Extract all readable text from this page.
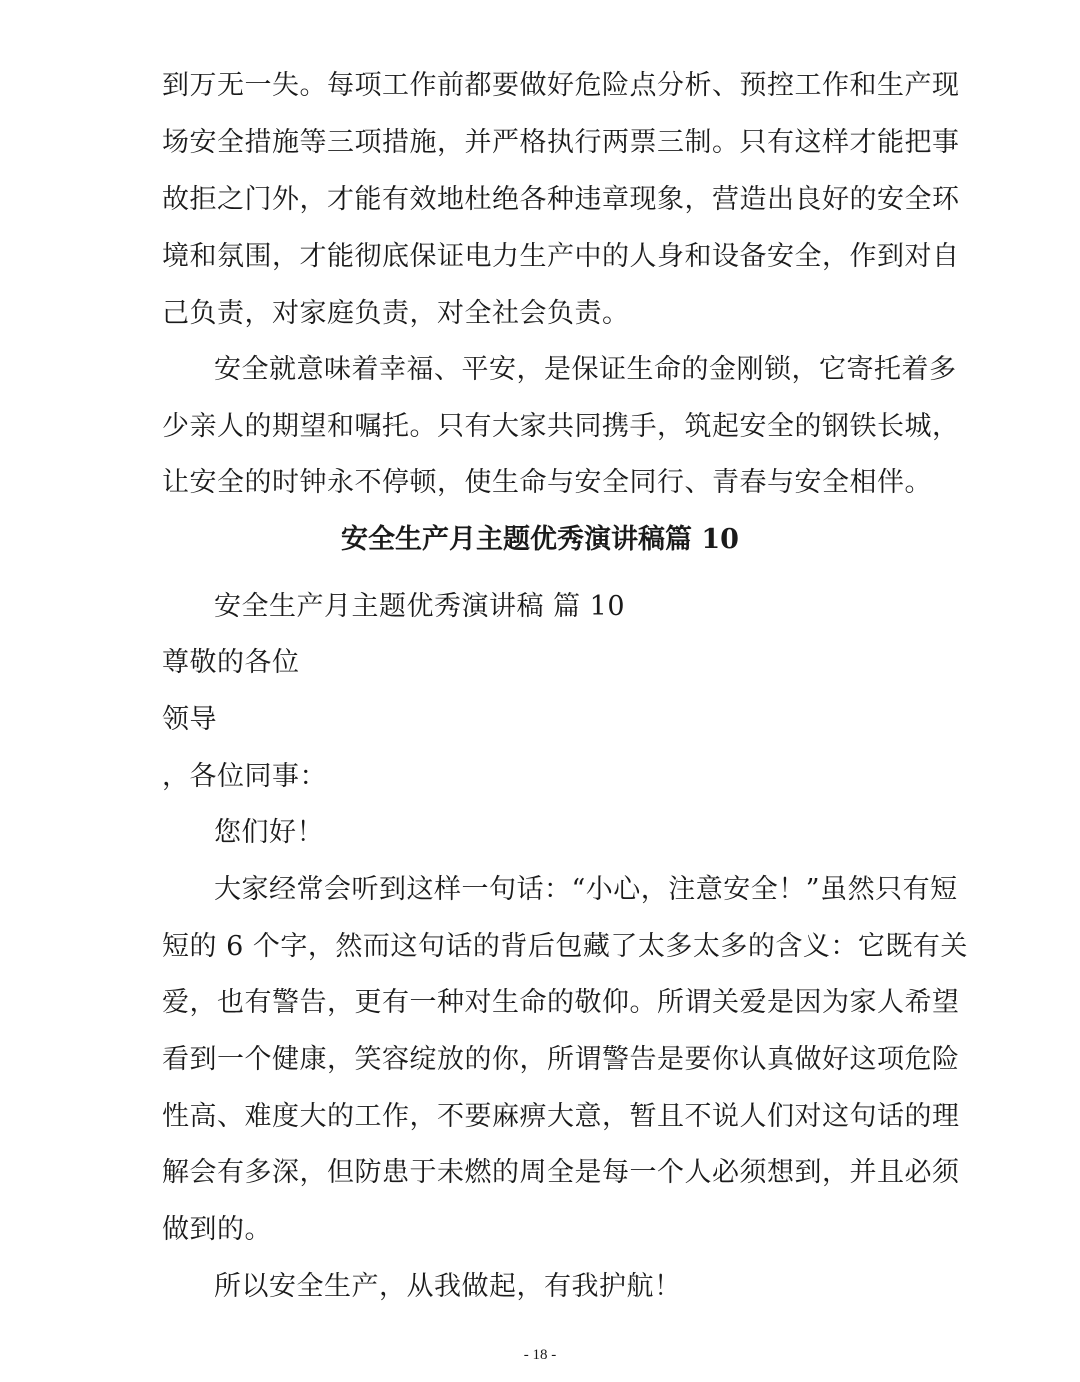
到万无一失。每项工作前都要做好危险点分析、预控工作和生产现
场安全措施等三项措施，并严格执行两票三制。只有这样才能把事
故拒之门外，才能有效地杜绝各种违章现象，营造出良好的安全环
境和氛围，才能彻底保证电力生产中的人身和设备安全，作到对自
己负责，对家庭负责，对全社会负责。
安全就意味着幸福、平安，是保证生命的金刚锁，它寄托着多
少亲人的期望和嘱托。只有大家共同携手，筑起安全的钢铁长城，
让安全的时钟永不停顿，使生命与安全同行、青春与安全相伴。
安全生产月主题优秀演讲稿篇 10
安全生产月主题优秀演讲稿 篇 10
尊敬的各位
领导
，各位同事：
您们好！
大家经常会听到这样一句话：“小心，注意安全！”虽然只有短
短的 6 个字，然而这句话的背后包藏了太多太多的含义：它既有关
爱，也有警告，更有一种对生命的敬仰。所谓关爱是因为家人希望
看到一个健康，笑容绽放的你，所谓警告是要你认真做好这项危险
性高、难度大的工作，不要麻痹大意，暂且不说人们对这句话的理
解会有多深，但防患于未燃的周全是每一个人必须想到，并且必须
做到的。
所以安全生产，从我做起，有我护航！
- 18 -
